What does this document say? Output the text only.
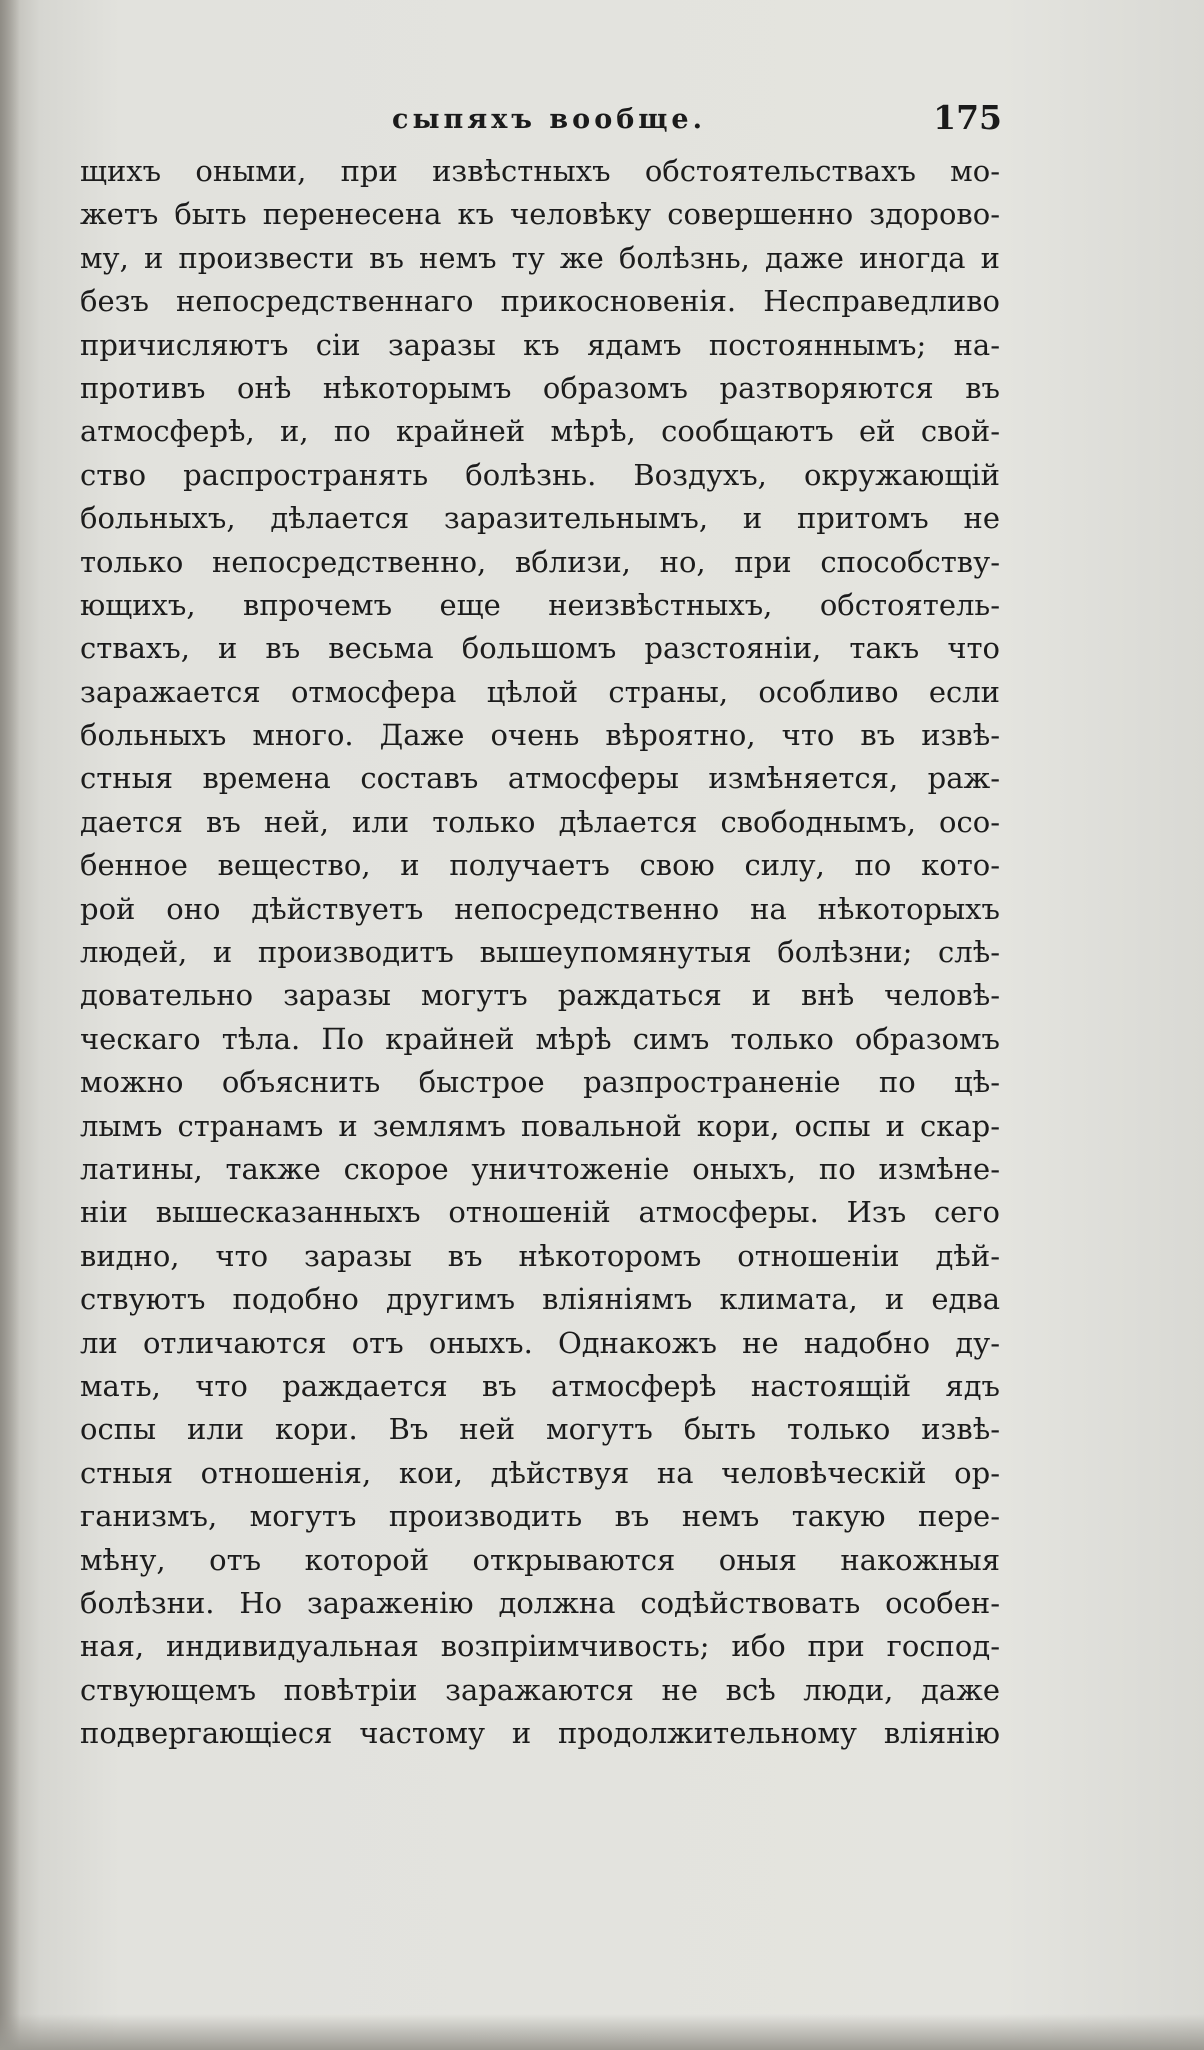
сыпяхъ вообще.	175
щихъ оными, при извѣстныхъ обстоятельствахъ мо-
жетъ быть перенесена къ человѣку совершенно здорово-
му, и произвести въ немъ ту же болѣзнь, даже иногда и
безъ непосредственнаго прикосновенія. Несправедливо
причисляютъ сіи заразы къ ядамъ постояннымъ; на-
противъ онѣ нѣкоторымъ образомъ разтворяются въ
атмосферѣ, и, по крайней мѣрѣ, сообщаютъ ей свой-
ство распространять болѣзнь. Воздухъ, окружающій
больныхъ, дѣлается заразительнымъ, и притомъ не
только непосредственно, вблизи, но, при способству-
ющихъ, впрочемъ еще неизвѣстныхъ, обстоятель-
ствахъ, и въ весьма большомъ разстояніи, такъ что
заражается отмосфера цѣлой страны, особливо если
больныхъ много. Даже очень вѣроятно, что въ извѣ-
стныя времена составъ атмосферы измѣняется, раж-
дается въ ней, или только дѣлается свободнымъ, осо-
бенное вещество, и получаетъ свою силу, по кото-
рой оно дѣйствуетъ непосредственно на нѣкоторыхъ
людей, и производитъ вышеупомянутыя болѣзни; слѣ-
довательно заразы могутъ раждаться и внѣ человѣ-
ческаго тѣла. По крайней мѣрѣ симъ только образомъ
можно объяснить быстрое разпространеніе по цѣ-
лымъ странамъ и землямъ повальной кори, оспы и скар-
латины, также скорое уничтоженіе оныхъ, по измѣне-
ніи вышесказанныхъ отношеній атмосферы. Изъ сего
видно, что заразы въ нѣкоторомъ отношеніи дѣй-
ствуютъ подобно другимъ вліяніямъ климата, и едва
ли отличаются отъ оныхъ. Однакожъ не надобно ду-
мать, что раждается въ атмосферѣ настоящій ядъ
оспы или кори. Въ ней могутъ быть только извѣ-
стныя отношенія, кои, дѣйствуя на человѣческій ор-
ганизмъ, могутъ производить въ немъ такую пере-
мѣну, отъ которой открываются оныя накожныя
болѣзни. Но зараженію должна содѣйствовать особен-
ная, индивидуальная возпріимчивость; ибо при господ-
ствующемъ повѣтріи заражаются не всѣ люди, даже
подвергающіеся частому и продолжительному вліянію
